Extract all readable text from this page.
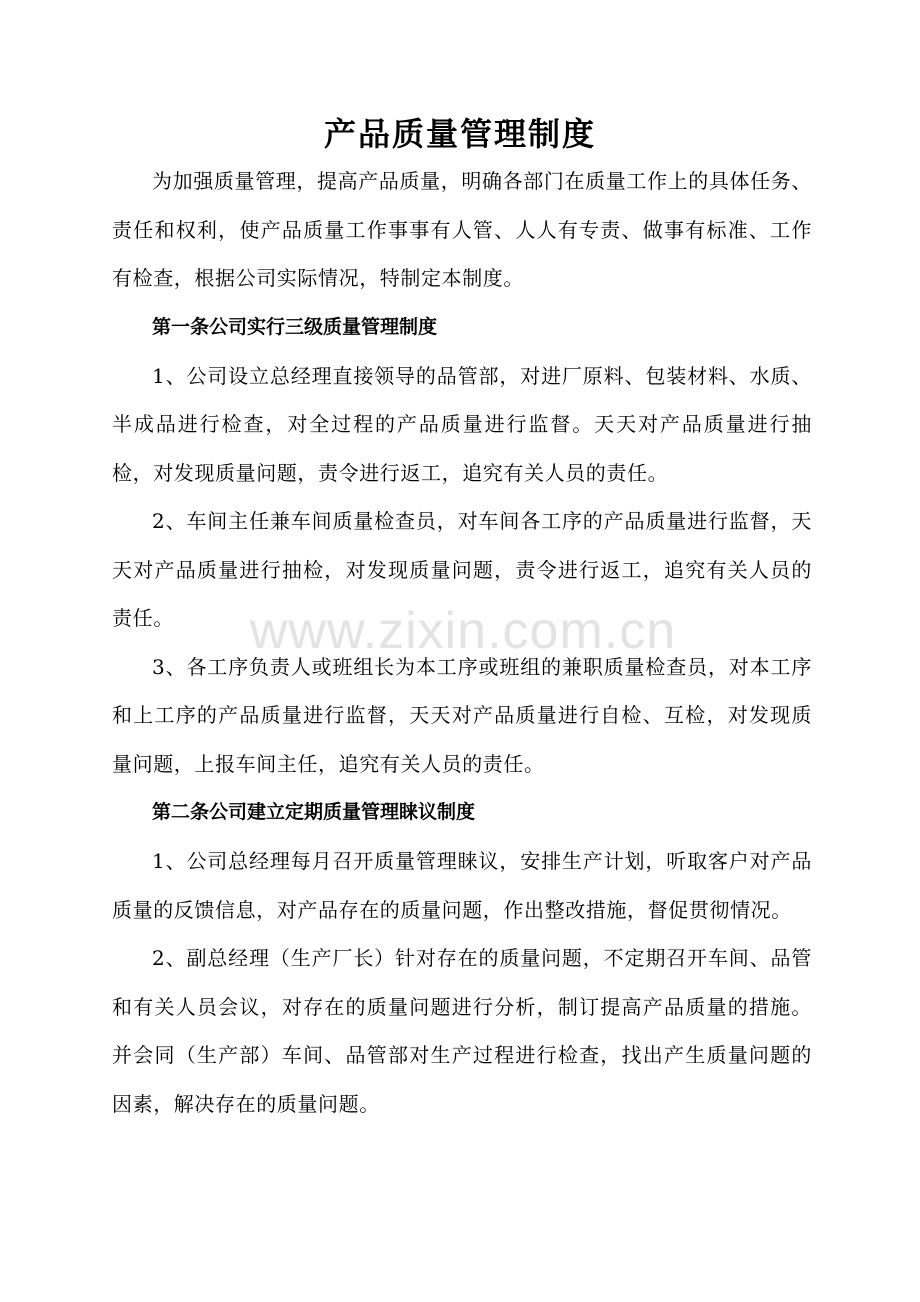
产品质量管理制度

为加强质量管理，提高产品质量，明确各部门在质量工作上的具体任务、责任和权利，使产品质量工作事事有人管、人人有专责、做事有标准、工作有检查，根据公司实际情况，特制定本制度。

第一条公司实行三级质量管理制度

1、公司设立总经理直接领导的品管部，对进厂原料、包装材料、水质、半成品进行检查，对全过程的产品质量进行监督。天天对产品质量进行抽检，对发现质量问题，责令进行返工，追究有关人员的责任。

2、车间主任兼车间质量检查员，对车间各工序的产品质量进行监督，天天对产品质量进行抽检，对发现质量问题，责令进行返工，追究有关人员的责任。

3、各工序负责人或班组长为本工序或班组的兼职质量检查员，对本工序和上工序的产品质量进行监督，天天对产品质量进行自检、互检，对发现质量问题，上报车间主任，追究有关人员的责任。

第二条公司建立定期质量管理睐议制度

1、公司总经理每月召开质量管理睐议，安排生产计划，听取客户对产品质量的反馈信息，对产品存在的质量问题，作出整改措施，督促贯彻情况。

2、副总经理（生产厂长）针对存在的质量问题，不定期召开车间、品管和有关人员会议，对存在的质量问题进行分析，制订提高产品质量的措施。并会同（生产部）车间、品管部对生产过程进行检查，找出产生质量问题的因素，解决存在的质量问题。

www.zixin.com.cn
